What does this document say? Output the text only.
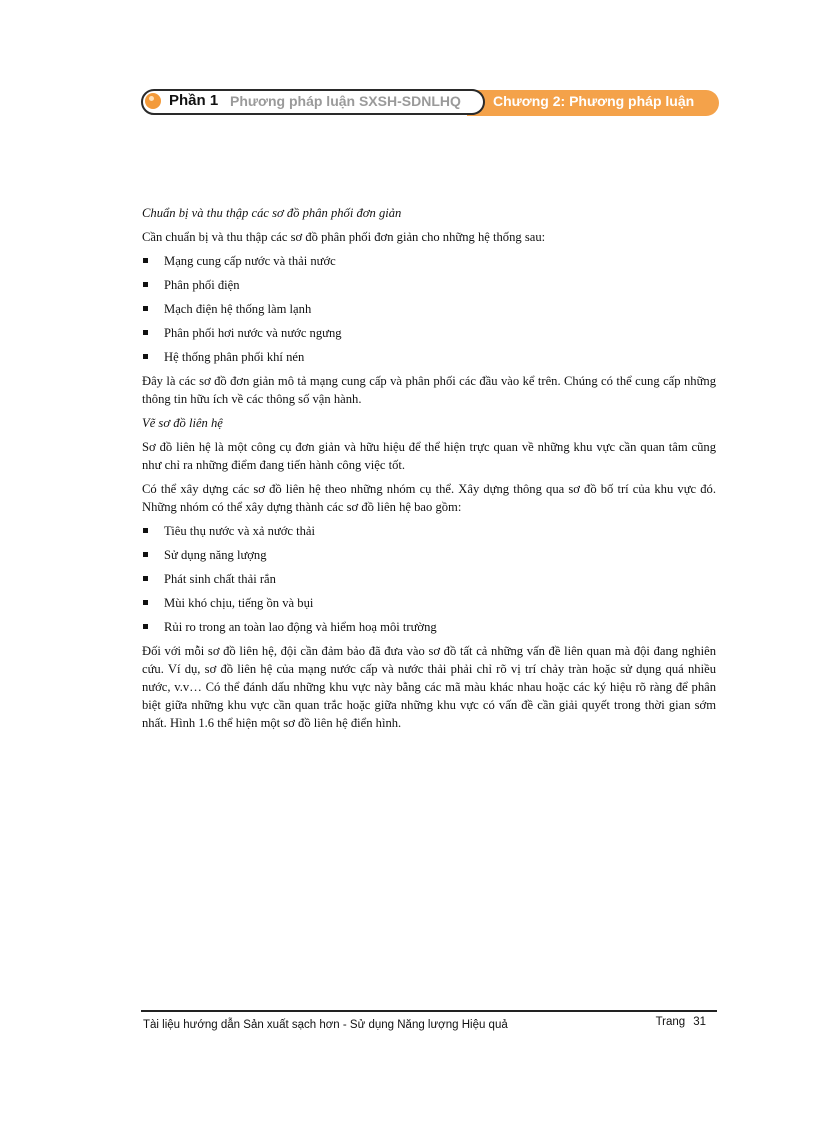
Phần 1 Phương pháp luận SXSH-SDNLHQ Chương 2: Phương pháp luận

Chuẩn bị và thu thập các sơ đồ phân phối đơn giản

Cần chuẩn bị và thu thập các sơ đồ phân phối đơn giản cho những hệ thống sau:

Mạng cung cấp nước và thải nước
Phân phối điện
Mạch điện hệ thống làm lạnh
Phân phối hơi nước và nước ngưng
Hệ thống phân phối khí nén

Đây là các sơ đồ đơn giản mô tả mạng cung cấp và phân phối các đầu vào kể trên. Chúng có thể cung cấp những thông tin hữu ích về các thông số vận hành.

Vẽ sơ đồ liên hệ

Sơ đồ liên hệ là một công cụ đơn giản và hữu hiệu để thể hiện trực quan về những khu vực cần quan tâm cũng như chỉ ra những điểm đang tiến hành công việc tốt.

Có thể xây dựng các sơ đồ liên hệ theo những nhóm cụ thể. Xây dựng thông qua sơ đồ bố trí của khu vực đó. Những nhóm có thể xây dựng thành các sơ đồ liên hệ bao gồm:

Tiêu thụ nước và xả nước thải
Sử dụng năng lượng
Phát sinh chất thải rắn
Mùi khó chịu, tiếng ồn và bụi
Rủi ro trong an toàn lao động và hiểm hoạ môi trường

Đối với mỗi sơ đồ liên hệ, đội cần đảm bảo đã đưa vào sơ đồ tất cả những vấn đề liên quan mà đội đang nghiên cứu. Ví dụ, sơ đồ liên hệ của mạng nước cấp và nước thải phải chỉ rõ vị trí chảy tràn hoặc sử dụng quá nhiều nước, v.v… Có thể đánh dấu những khu vực này bằng các mã màu khác nhau hoặc các ký hiệu rõ ràng để phân biệt giữa những khu vực cần quan trắc hoặc giữa những khu vực có vấn đề cần giải quyết trong thời gian sớm nhất. Hình 1.6 thể hiện một sơ đồ liên hệ điển hình.

Tài liệu hướng dẫn Sản xuất sạch hơn - Sử dụng Năng lượng Hiệu quả	Trang 31
